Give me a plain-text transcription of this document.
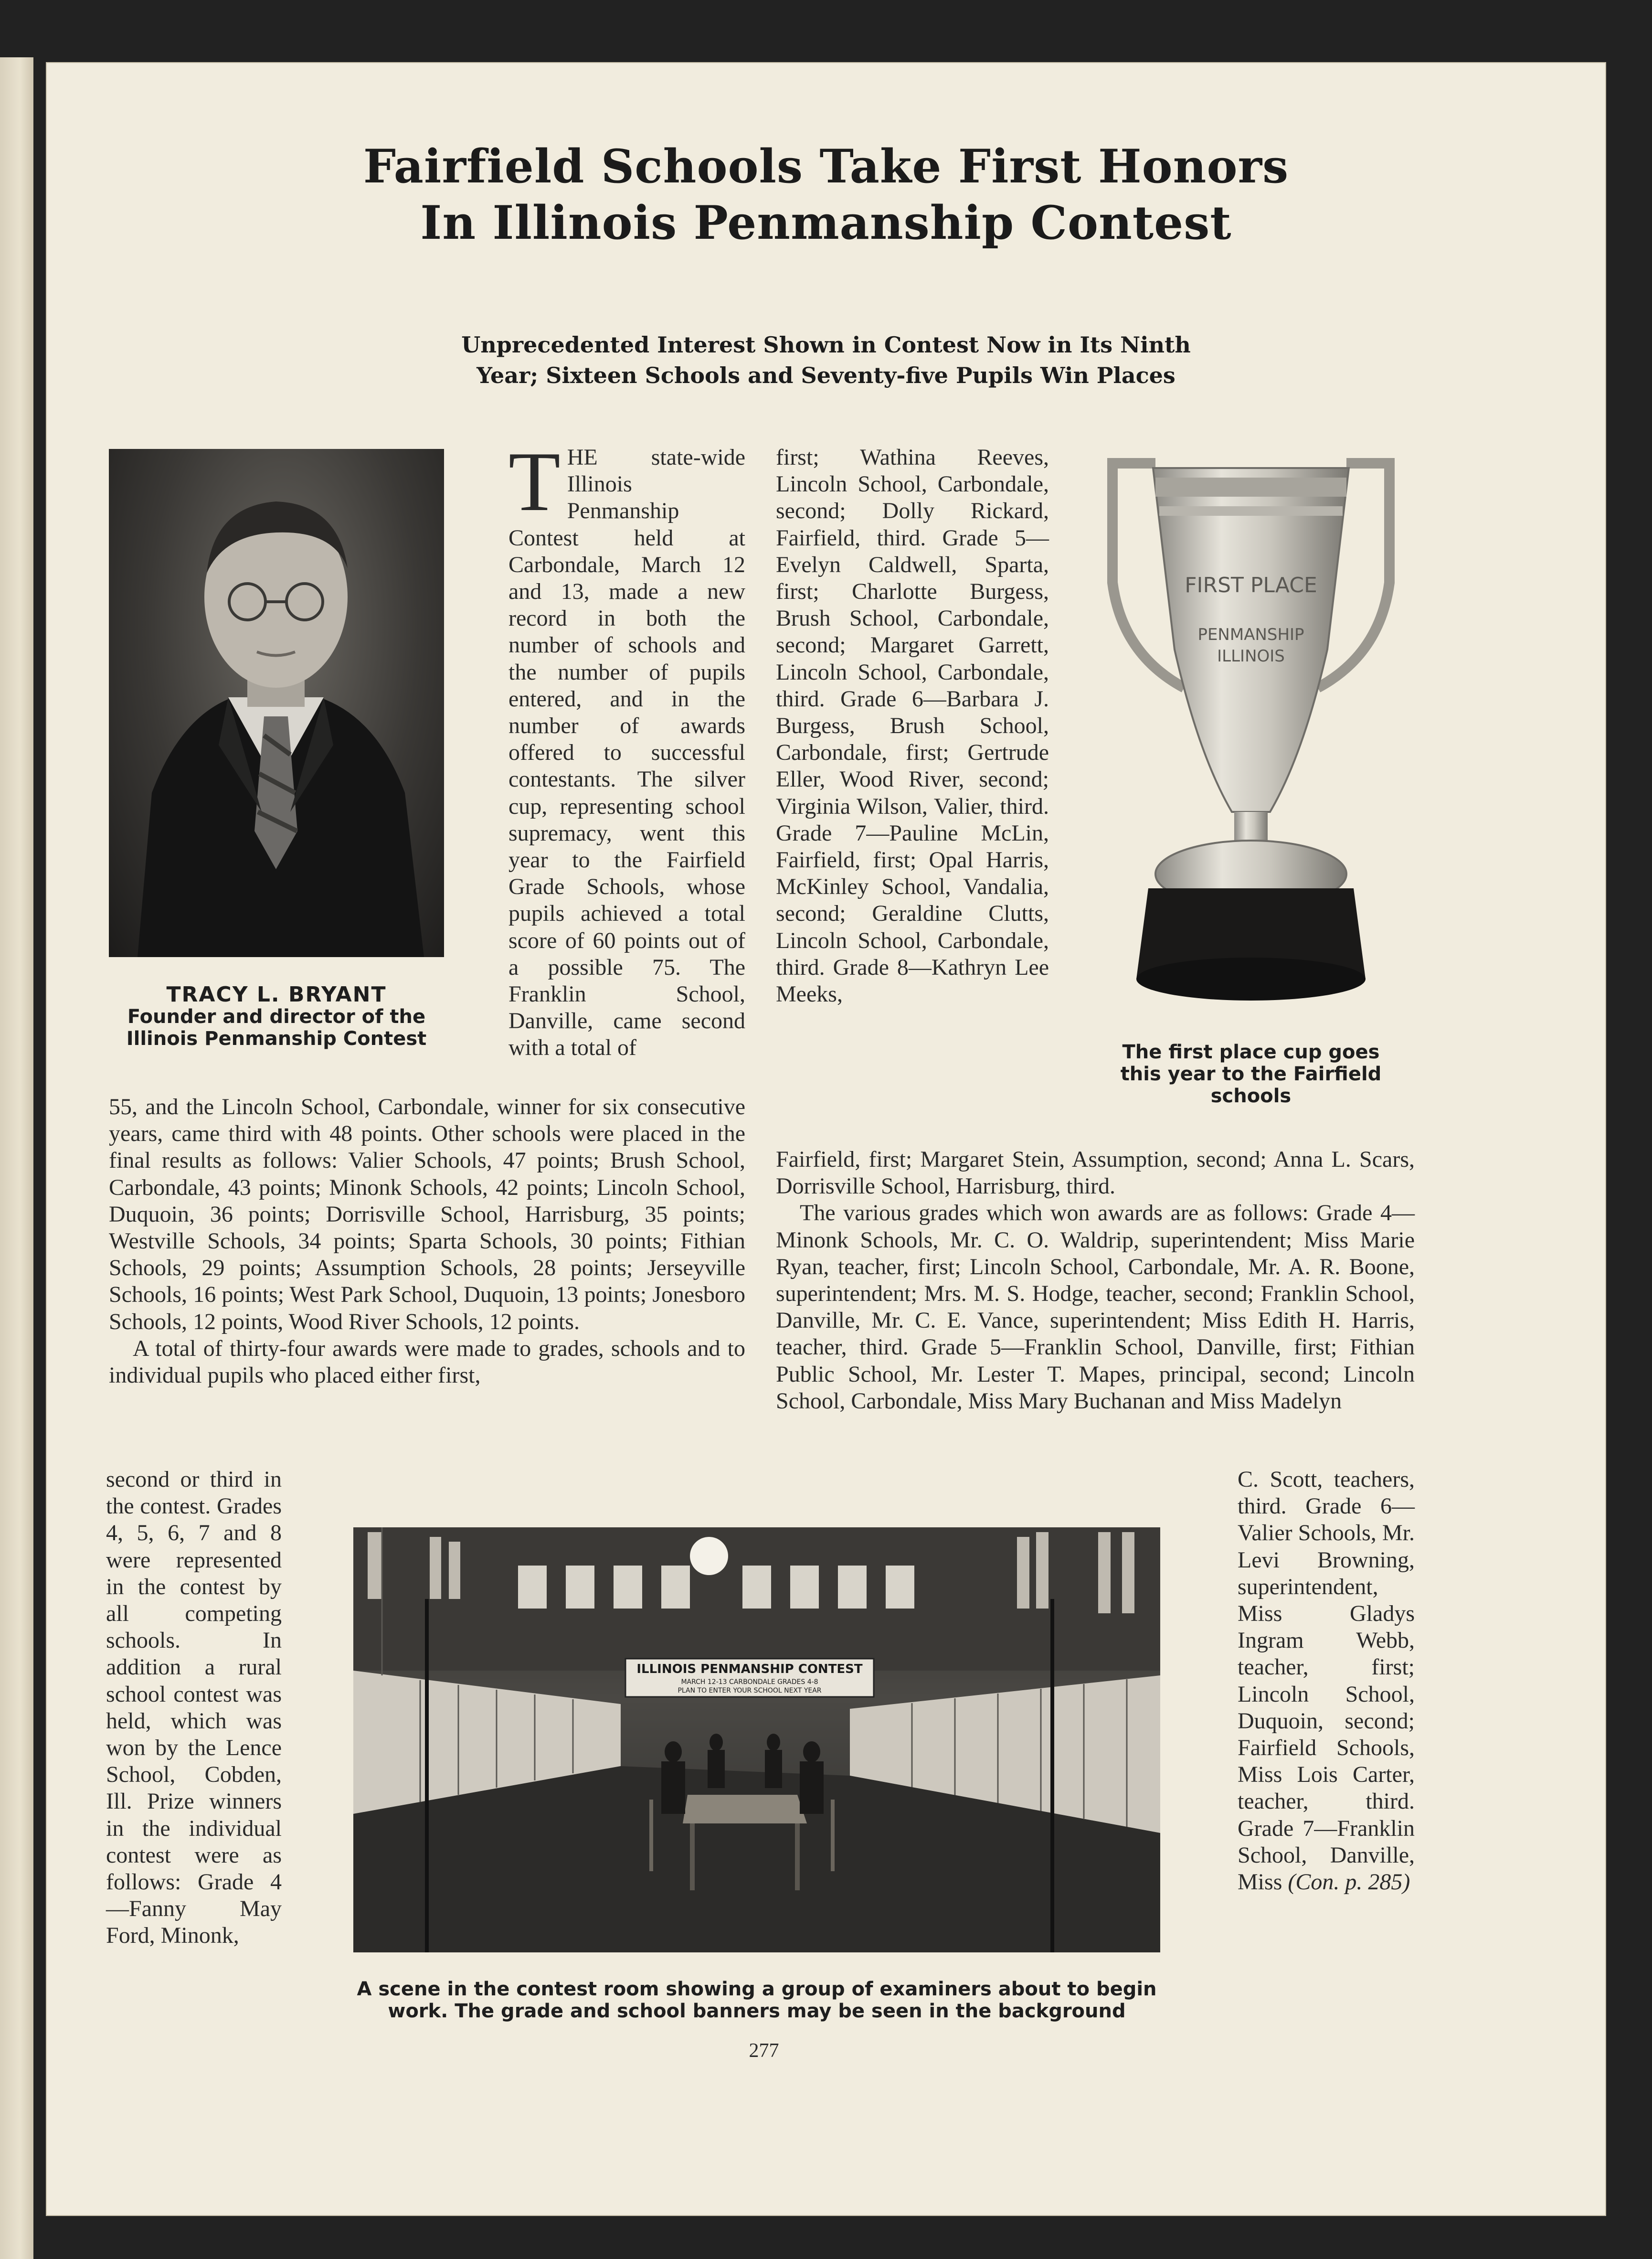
Fairfield Schools Take First Honors
In Illinois Penmanship Contest
Unprecedented Interest Shown in Contest Now in Its Ninth
Year; Sixteen Schools and Seventy-five Pupils Win Places
TRACY L. BRYANT
Founder and director of the
Illinois Penmanship Contest
T HE state-wide Illinois Penmanship Contest held at Carbondale, March 12 and 13, made a new record in both the number of schools and the number of pupils entered, and in the number of awards offered to successful contestants. The silver cup, representing school supremacy, went this year to the Fairfield Grade Schools, whose pupils achieved a total score of 60 points out of a possible 75. The Franklin School, Danville, came second with a total of

first; Wathina Reeves, Lincoln School, Carbondale, second; Dolly Rickard, Fairfield, third. Grade 5—Evelyn Caldwell, Sparta, first; Charlotte Burgess, Brush School, Carbondale, second; Margaret Garrett, Lincoln School, Carbondale, third. Grade 6—Barbara J. Burgess, Brush School, Carbondale, first; Gertrude Eller, Wood River, second; Virginia Wilson, Valier, third. Grade 7—Pauline McLin, Fairfield, first; Opal Harris, McKinley School, Vandalia, second; Geraldine Clutts, Lincoln School, Carbondale, third. Grade 8—Kathryn Lee Meeks,

FIRST PLACE
PENMANSHIP
ILLINOIS
The first place cup goes
this year to the Fairfield
schools

55, and the Lincoln School, Carbondale, winner for six consecutive years, came third with 48 points. Other schools were placed in the final results as follows: Valier Schools, 47 points; Brush School, Carbondale, 43 points; Minonk Schools, 42 points; Lincoln School, Duquoin, 36 points; Dorrisville School, Harrisburg, 35 points; Westville Schools, 34 points; Sparta Schools, 30 points; Fithian Schools, 29 points; Assumption Schools, 28 points; Jerseyville Schools, 16 points; West Park School, Duquoin, 13 points; Jonesboro Schools, 12 points, Wood River Schools, 12 points.

A total of thirty-four awards were made to grades, schools and to individual pupils who placed either first,

Fairfield, first; Margaret Stein, Assumption, second; Anna L. Scars, Dorrisville School, Harrisburg, third.

The various grades which won awards are as follows: Grade 4—Minonk Schools, Mr. C. O. Waldrip, superintendent; Miss Marie Ryan, teacher, first; Lincoln School, Carbondale, Mr. A. R. Boone, superintendent; Mrs. M. S. Hodge, teacher, second; Franklin School, Danville, Mr. C. E. Vance, superintendent; Miss Edith H. Harris, teacher, third. Grade 5—Franklin School, Danville, first; Fithian Public School, Mr. Lester T. Mapes, principal, second; Lincoln School, Carbondale, Miss Mary Buchanan and Miss Madelyn

second or third in the contest. Grades 4, 5, 6, 7 and 8 were represented in the contest by all competing schools. In addition a rural school contest was held, which was won by the Lence School, Cobden, Ill. Prize winners in the individual contest were as follows: Grade 4—Fanny May Ford, Minonk,

C. Scott, teachers, third. Grade 6—Valier Schools, Mr. Levi Browning, superintendent, Miss Gladys Ingram Webb, teacher, first; Lincoln School, Duquoin, second; Fairfield Schools, Miss Lois Carter, teacher, third. Grade 7—Franklin School, Danville, Miss (Con. p. 285)

ILLINOIS PENMANSHIP CONTEST
MARCH 12-13 CARBONDALE GRADES 4-8
PLAN TO ENTER YOUR SCHOOL NEXT YEAR
A scene in the contest room showing a group of examiners about to begin
work. The grade and school banners may be seen in the background
277
